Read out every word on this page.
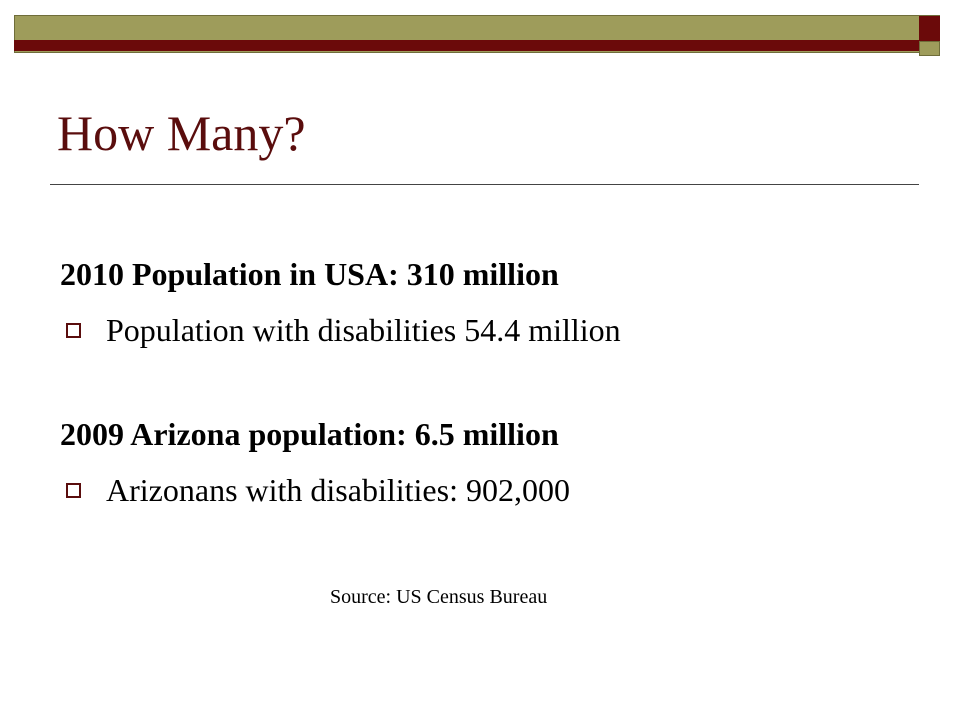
How Many?

2010 Population in USA: 310 million

Population with disabilities 54.4 million

2009 Arizona population: 6.5 million

Arizonans with disabilities: 902,000

Source: US Census Bureau
